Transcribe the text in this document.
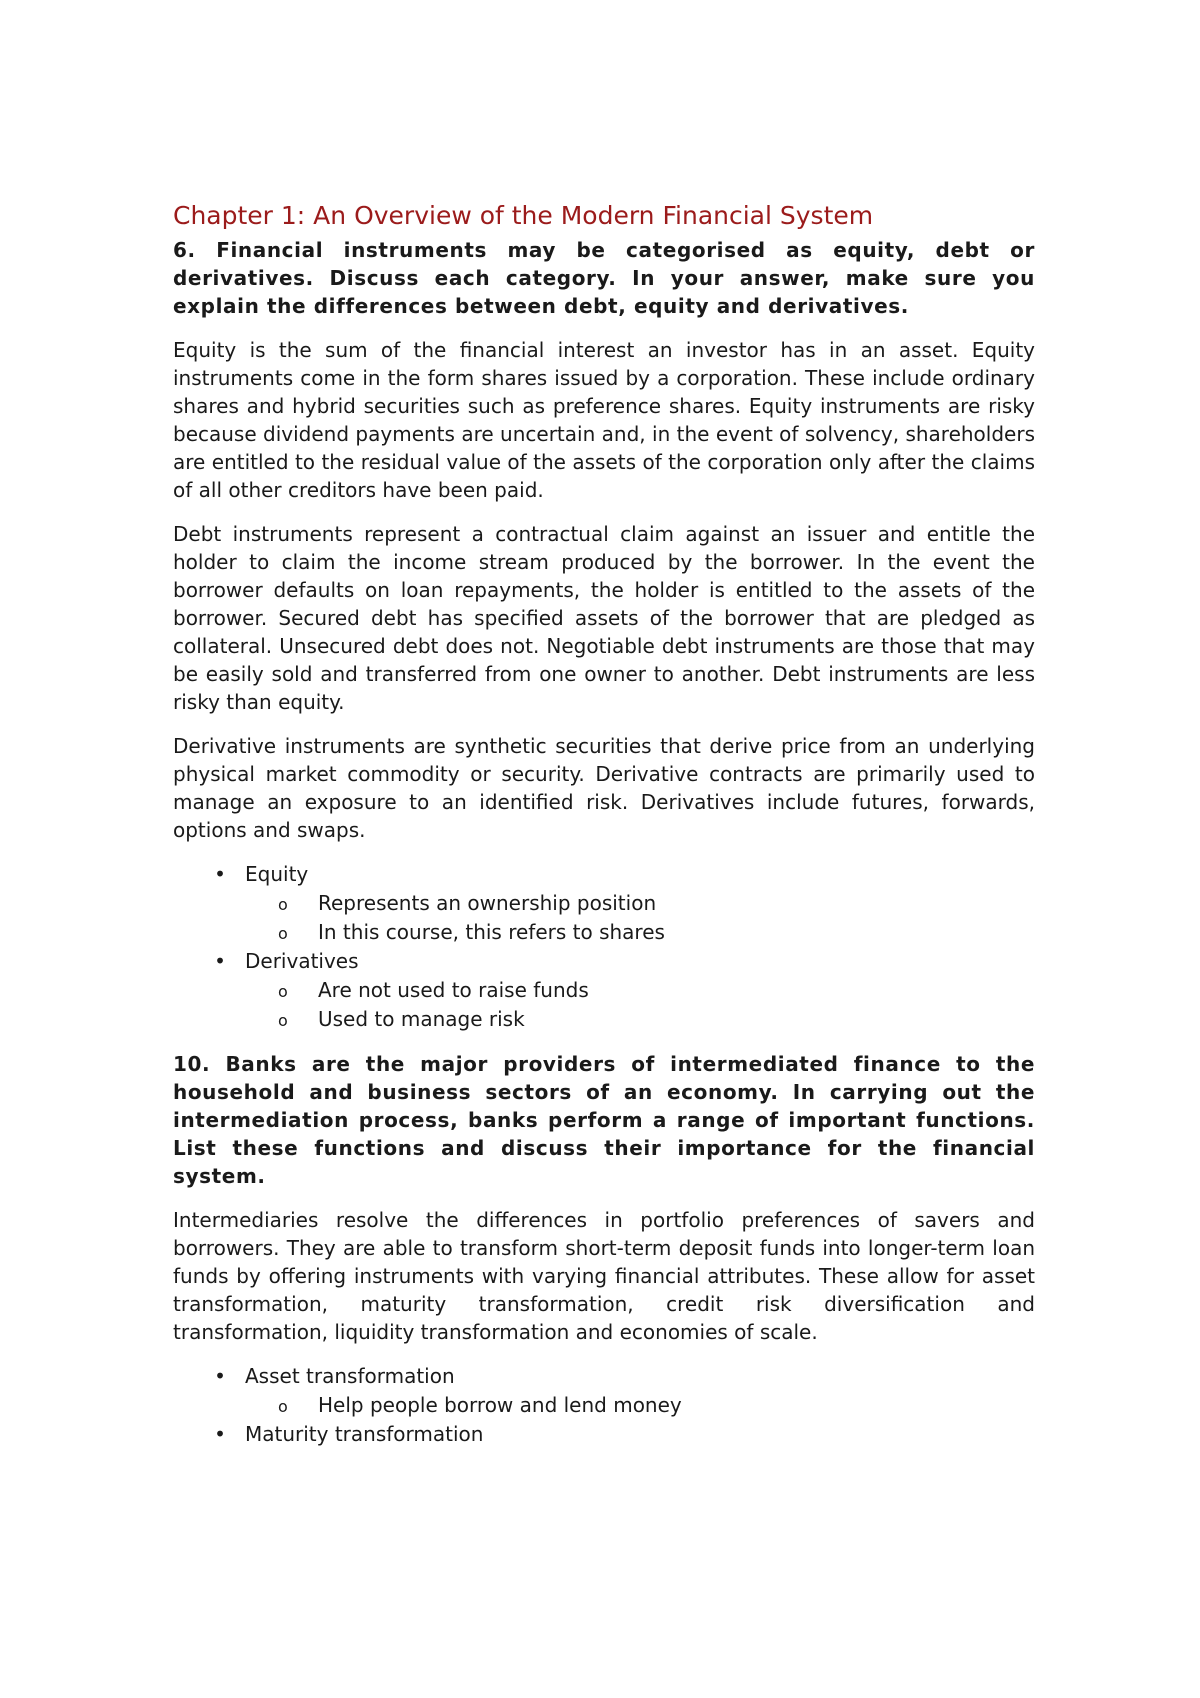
Chapter 1: An Overview of the Modern Financial System

6. Financial instruments may be categorised as equity, debt or derivatives. Discuss each category. In your answer, make sure you explain the differences between debt, equity and derivatives.

Equity is the sum of the financial interest an investor has in an asset. Equity instruments come in the form shares issued by a corporation. These include ordinary shares and hybrid securities such as preference shares. Equity instruments are risky because dividend payments are uncertain and, in the event of solvency, shareholders are entitled to the residual value of the assets of the corporation only after the claims of all other creditors have been paid.

Debt instruments represent a contractual claim against an issuer and entitle the holder to claim the income stream produced by the borrower. In the event the borrower defaults on loan repayments, the holder is entitled to the assets of the borrower. Secured debt has specified assets of the borrower that are pledged as collateral. Unsecured debt does not. Negotiable debt instruments are those that may be easily sold and transferred from one owner to another. Debt instruments are less risky than equity.

Derivative instruments are synthetic securities that derive price from an underlying physical market commodity or security. Derivative contracts are primarily used to manage an exposure to an identified risk. Derivatives include futures, forwards, options and swaps.

• Equity
o Represents an ownership position
o In this course, this refers to shares
• Derivatives
o Are not used to raise funds
o Used to manage risk

10. Banks are the major providers of intermediated finance to the household and business sectors of an economy. In carrying out the intermediation process, banks perform a range of important functions. List these functions and discuss their importance for the financial system.

Intermediaries resolve the differences in portfolio preferences of savers and borrowers. They are able to transform short-term deposit funds into longer-term loan funds by offering instruments with varying financial attributes. These allow for asset transformation, maturity transformation, credit risk diversification and transformation, liquidity transformation and economies of scale.

• Asset transformation
o Help people borrow and lend money
• Maturity transformation
